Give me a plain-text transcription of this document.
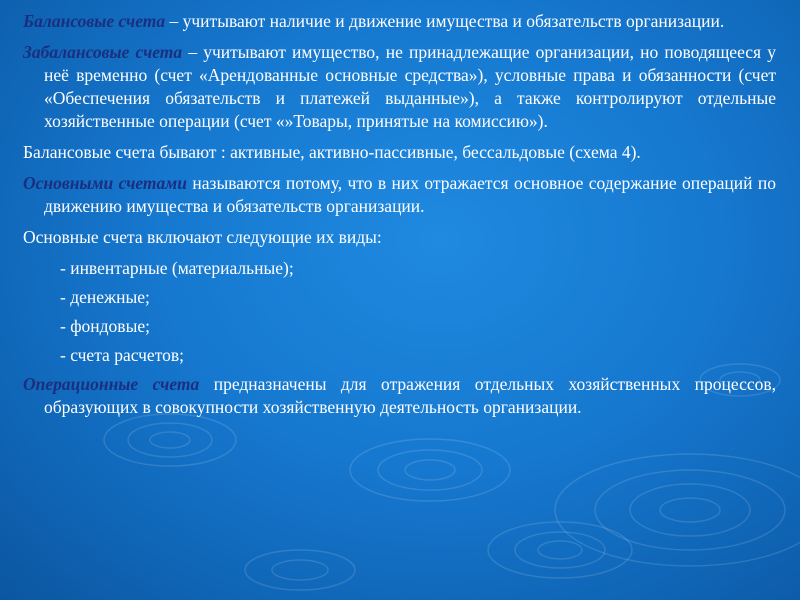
Балансовые счета – учитывают наличие и движение имущества и обязательств организации.

Забалансовые счета – учитывают имущество, не принадлежащие организации, но поводящееся у неё временно (счет «Арендованные основные средства»), условные права и обязанности (счет «Обеспечения обязательств и платежей выданные»), а также контролируют отдельные хозяйственные операции (счет «»Товары, принятые на комиссию»).

Балансовые счета бывают : активные, активно-пассивные, бессальдовые (схема 4).

Основными счетами называются потому, что в них отражается основное содержание операций по движению имущества и обязательств организации.

Основные счета включают следующие их виды:

- инвентарные (материальные);
- денежные;
- фондовые;
- счета расчетов;

Операционные счета предназначены для отражения отдельных хозяйственных процессов, образующих в совокупности хозяйственную деятельность организации.
